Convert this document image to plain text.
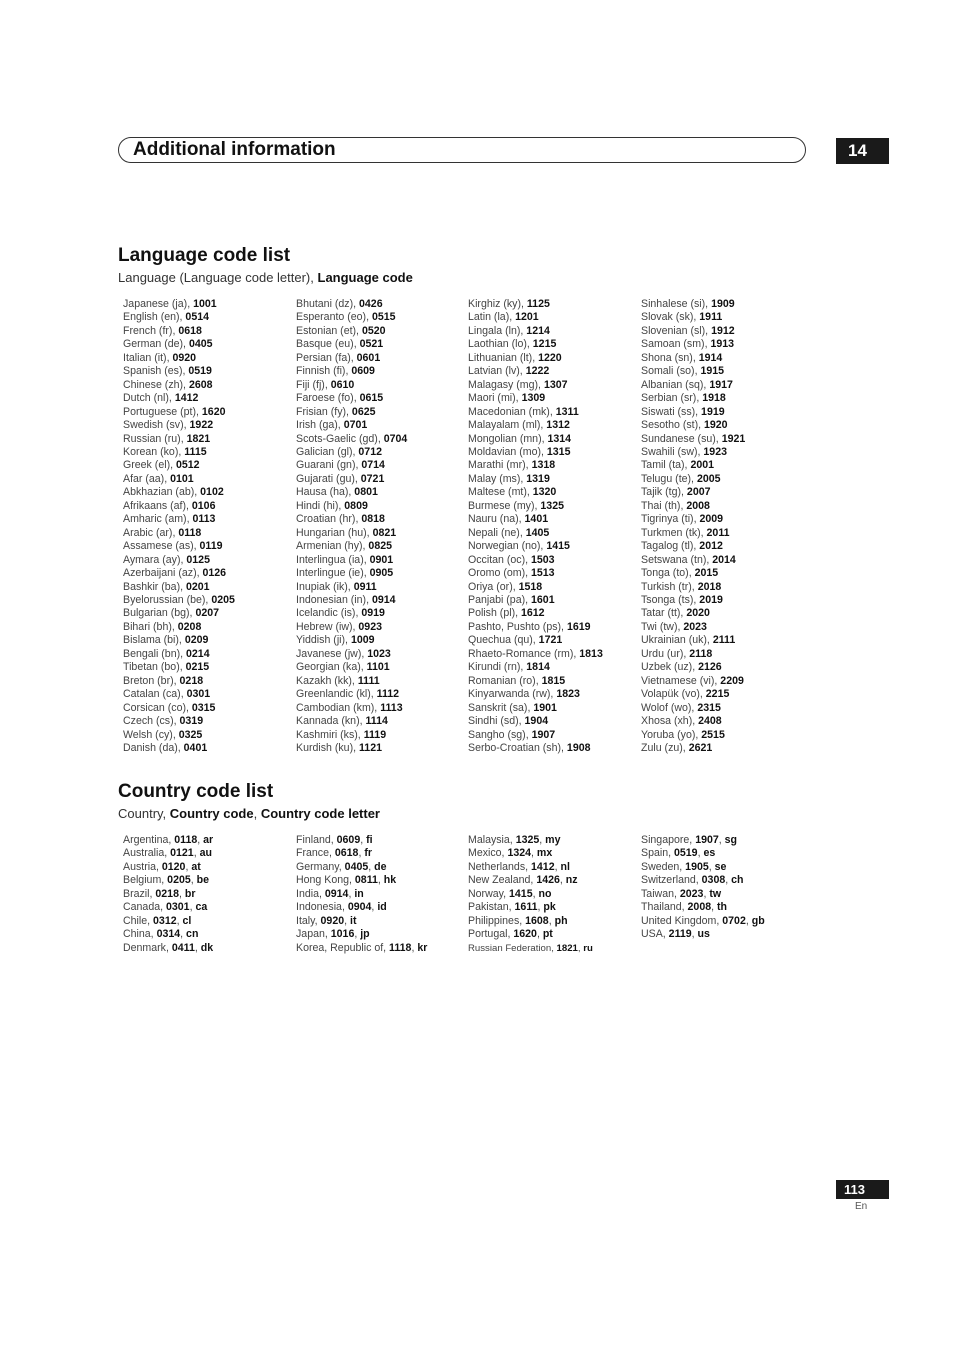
Additional information	14
Language code list
Language (Language code letter), Language code
Japanese (ja), 1001
English (en), 0514
French (fr), 0618
German (de), 0405
Italian (it), 0920
Spanish (es), 0519
Chinese (zh), 2608
Dutch (nl), 1412
Portuguese (pt), 1620
Swedish (sv), 1922
Russian (ru), 1821
Korean (ko), 1115
Greek (el), 0512
Afar (aa), 0101
Abkhazian (ab), 0102
Afrikaans (af), 0106
Amharic (am), 0113
Arabic (ar), 0118
Assamese (as), 0119
Aymara (ay), 0125
Azerbaijani (az), 0126
Bashkir (ba), 0201
Byelorussian (be), 0205
Bulgarian (bg), 0207
Bihari (bh), 0208
Bislama (bi), 0209
Bengali (bn), 0214
Tibetan (bo), 0215
Breton (br), 0218
Catalan (ca), 0301
Corsican (co), 0315
Czech (cs), 0319
Welsh (cy), 0325
Danish (da), 0401
Bhutani (dz), 0426
Esperanto (eo), 0515
Estonian (et), 0520
Basque (eu), 0521
Persian (fa), 0601
Finnish (fi), 0609
Fiji (fj), 0610
Faroese (fo), 0615
Frisian (fy), 0625
Irish (ga), 0701
Scots-Gaelic (gd), 0704
Galician (gl), 0712
Guarani (gn), 0714
Gujarati (gu), 0721
Hausa (ha), 0801
Hindi (hi), 0809
Croatian (hr), 0818
Hungarian (hu), 0821
Armenian (hy), 0825
Interlingua (ia), 0901
Interlingue (ie), 0905
Inupiak (ik), 0911
Indonesian (in), 0914
Icelandic (is), 0919
Hebrew (iw), 0923
Yiddish (ji), 1009
Javanese (jw), 1023
Georgian (ka), 1101
Kazakh (kk), 1111
Greenlandic (kl), 1112
Cambodian (km), 1113
Kannada (kn), 1114
Kashmiri (ks), 1119
Kurdish (ku), 1121
Kirghiz (ky), 1125
Latin (la), 1201
Lingala (ln), 1214
Laothian (lo), 1215
Lithuanian (lt), 1220
Latvian (lv), 1222
Malagasy (mg), 1307
Maori (mi), 1309
Macedonian (mk), 1311
Malayalam (ml), 1312
Mongolian (mn), 1314
Moldavian (mo), 1315
Marathi (mr), 1318
Malay (ms), 1319
Maltese (mt), 1320
Burmese (my), 1325
Nauru (na), 1401
Nepali (ne), 1405
Norwegian (no), 1415
Occitan (oc), 1503
Oromo (om), 1513
Oriya (or), 1518
Panjabi (pa), 1601
Polish (pl), 1612
Pashto, Pushto (ps), 1619
Quechua (qu), 1721
Rhaeto-Romance (rm), 1813
Kirundi (rn), 1814
Romanian (ro), 1815
Kinyarwanda (rw), 1823
Sanskrit (sa), 1901
Sindhi (sd), 1904
Sangho (sg), 1907
Serbo-Croatian (sh), 1908
Sinhalese (si), 1909
Slovak (sk), 1911
Slovenian (sl), 1912
Samoan (sm), 1913
Shona (sn), 1914
Somali (so), 1915
Albanian (sq), 1917
Serbian (sr), 1918
Siswati (ss), 1919
Sesotho (st), 1920
Sundanese (su), 1921
Swahili (sw), 1923
Tamil (ta), 2001
Telugu (te), 2005
Tajik (tg), 2007
Thai (th), 2008
Tigrinya (ti), 2009
Turkmen (tk), 2011
Tagalog (tl), 2012
Setswana (tn), 2014
Tonga (to), 2015
Turkish (tr), 2018
Tsonga (ts), 2019
Tatar (tt), 2020
Twi (tw), 2023
Ukrainian (uk), 2111
Urdu (ur), 2118
Uzbek (uz), 2126
Vietnamese (vi), 2209
Volapük (vo), 2215
Wolof (wo), 2315
Xhosa (xh), 2408
Yoruba (yo), 2515
Zulu (zu), 2621
Country code list
Country, Country code, Country code letter
Argentina, 0118, ar
Australia, 0121, au
Austria, 0120, at
Belgium, 0205, be
Brazil, 0218, br
Canada, 0301, ca
Chile, 0312, cl
China, 0314, cn
Denmark, 0411, dk
Finland, 0609, fi
France, 0618, fr
Germany, 0405, de
Hong Kong, 0811, hk
India, 0914, in
Indonesia, 0904, id
Italy, 0920, it
Japan, 1016, jp
Korea, Republic of, 1118, kr
Malaysia, 1325, my
Mexico, 1324, mx
Netherlands, 1412, nl
New Zealand, 1426, nz
Norway, 1415, no
Pakistan, 1611, pk
Philippines, 1608, ph
Portugal, 1620, pt
Russian Federation, 1821, ru
Singapore, 1907, sg
Spain, 0519, es
Sweden, 1905, se
Switzerland, 0308, ch
Taiwan, 2023, tw
Thailand, 2008, th
United Kingdom, 0702, gb
USA, 2119, us
113
En
